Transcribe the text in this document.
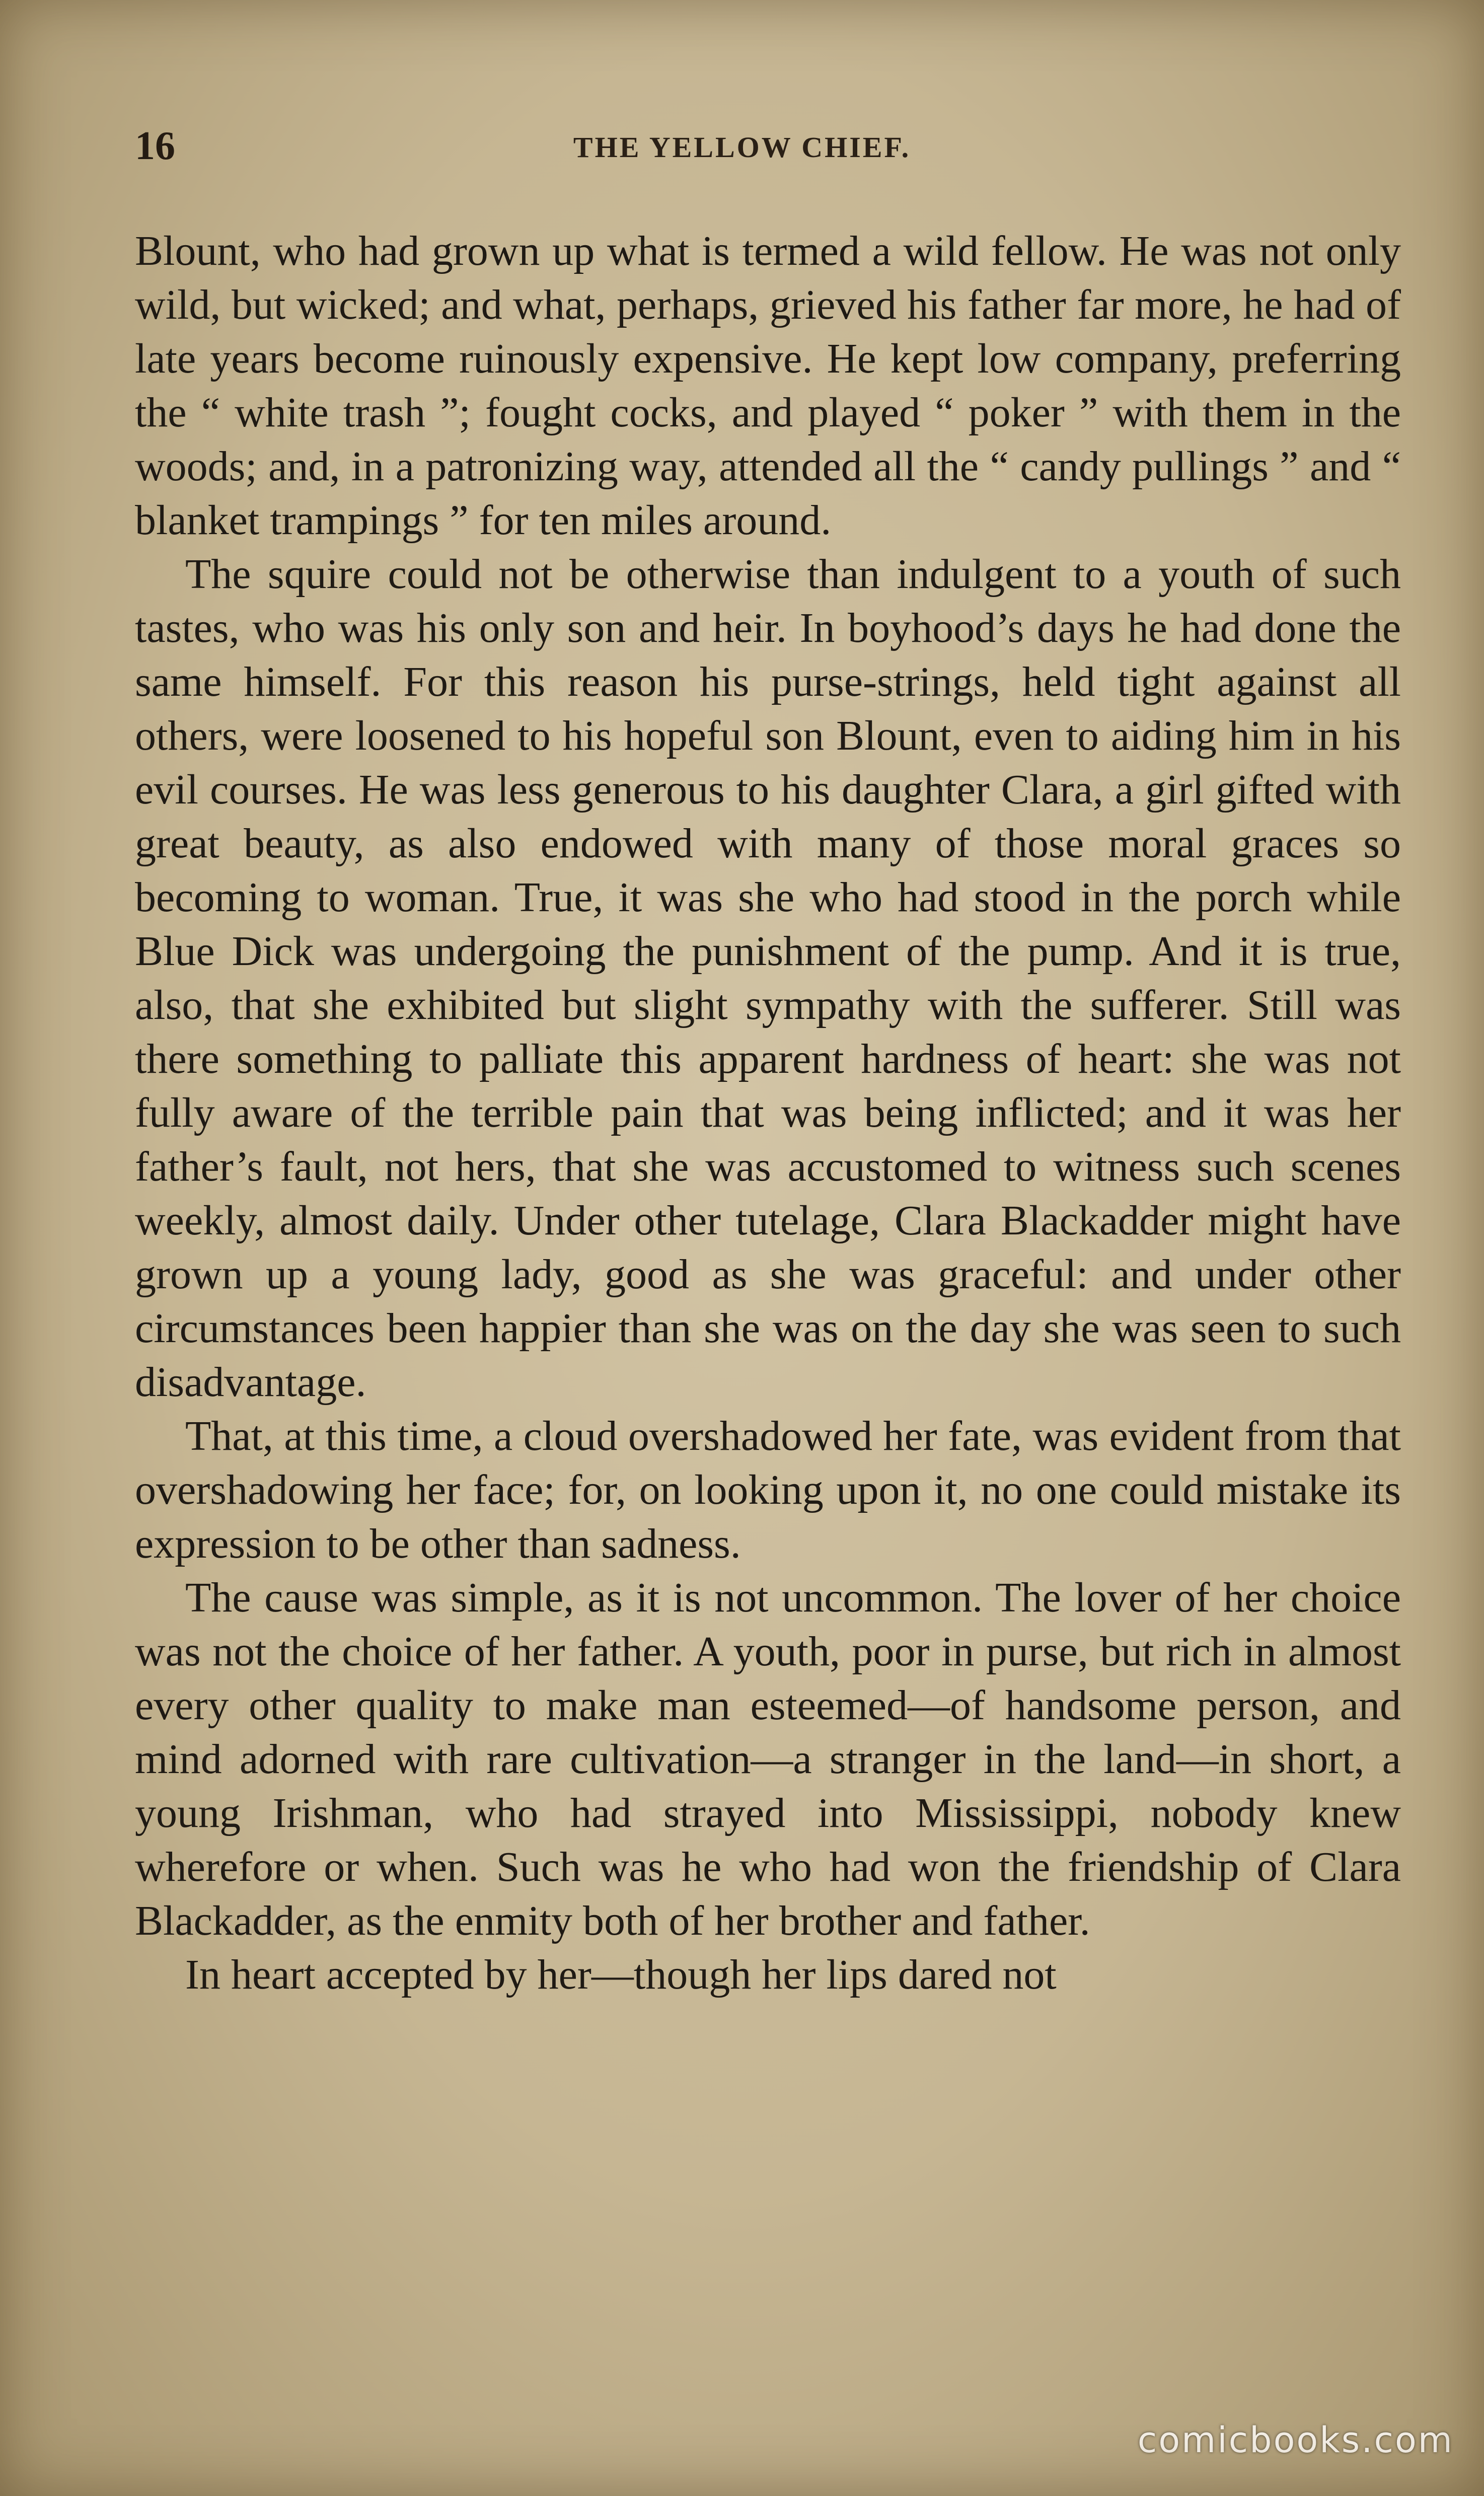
16	THE YELLOW CHIEF.

Blount, who had grown up what is termed a wild fellow. He was not only wild, but wicked; and what, perhaps, grieved his father far more, he had of late years become ruinously expensive. He kept low company, preferring the “ white trash ”; fought cocks, and played “ poker ” with them in the woods; and, in a patronizing way, attended all the “ candy pullings ” and “ blanket trampings ” for ten miles around.

The squire could not be otherwise than indulgent to a youth of such tastes, who was his only son and heir. In boyhood’s days he had done the same himself. For this reason his purse-strings, held tight against all others, were loosened to his hopeful son Blount, even to aiding him in his evil courses. He was less generous to his daughter Clara, a girl gifted with great beauty, as also endowed with many of those moral graces so becoming to woman. True, it was she who had stood in the porch while Blue Dick was undergoing the punishment of the pump. And it is true, also, that she exhibited but slight sympathy with the sufferer. Still was there something to palliate this apparent hardness of heart: she was not fully aware of the terrible pain that was being inflicted; and it was her father’s fault, not hers, that she was accustomed to witness such scenes weekly, almost daily. Under other tutelage, Clara Blackadder might have grown up a young lady, good as she was graceful: and under other circumstances been happier than she was on the day she was seen to such disadvantage.

That, at this time, a cloud overshadowed her fate, was evident from that overshadowing her face; for, on looking upon it, no one could mistake its expression to be other than sadness.

The cause was simple, as it is not uncommon. The lover of her choice was not the choice of her father. A youth, poor in purse, but rich in almost every other quality to make man esteemed—of handsome person, and mind adorned with rare cultivation—a stranger in the land—in short, a young Irishman, who had strayed into Mississippi, nobody knew wherefore or when. Such was he who had won the friendship of Clara Blackadder, as the enmity both of her brother and father.

In heart accepted by her—though her lips dared not

comicbooks.com
